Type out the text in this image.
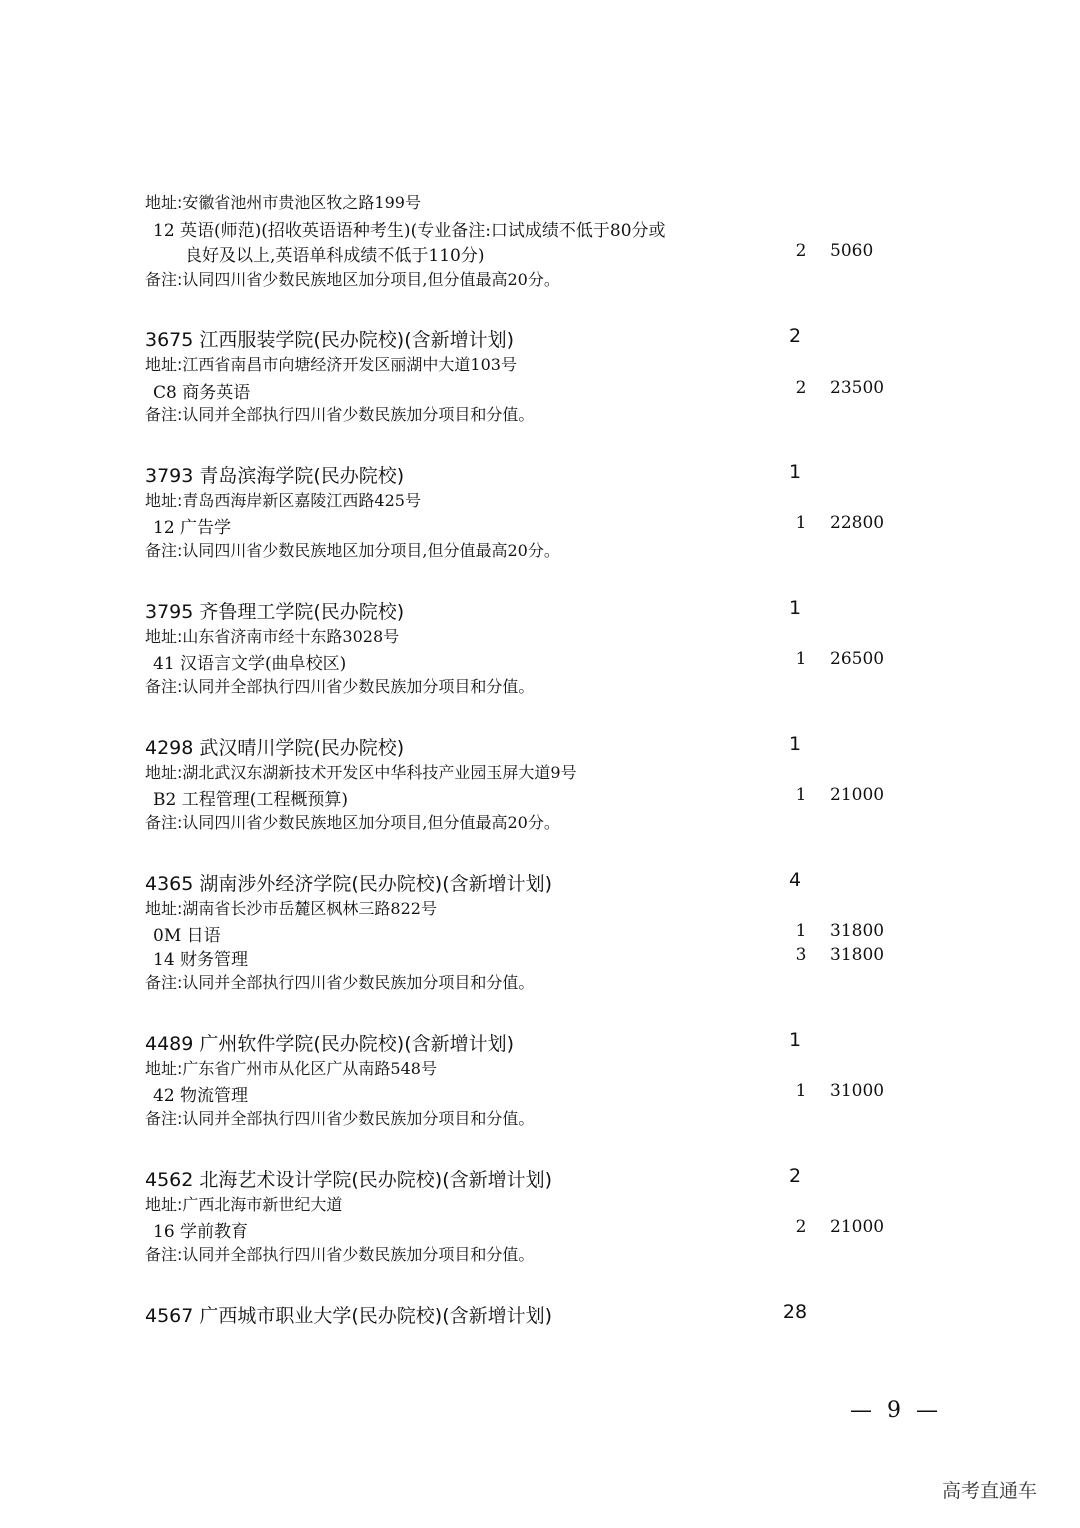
地址:安徽省池州市贵池区牧之路199号
12 英语(师范)(招收英语语种考生)(专业备注:口试成绩不低于80分或
良好及以上,英语单科成绩不低于110分)	2	5060
备注:认同四川省少数民族地区加分项目,但分值最高20分。
3675 江西服装学院(民办院校)(含新增计划)	2
地址:江西省南昌市向塘经济开发区丽湖中大道103号
C8 商务英语	2	23500
备注:认同并全部执行四川省少数民族加分项目和分值。
3793 青岛滨海学院(民办院校)	1
地址:青岛西海岸新区嘉陵江西路425号
12 广告学	1	22800
备注:认同四川省少数民族地区加分项目,但分值最高20分。
3795 齐鲁理工学院(民办院校)	1
地址:山东省济南市经十东路3028号
41 汉语言文学(曲阜校区)	1	26500
备注:认同并全部执行四川省少数民族加分项目和分值。
4298 武汉晴川学院(民办院校)	1
地址:湖北武汉东湖新技术开发区中华科技产业园玉屏大道9号
B2 工程管理(工程概预算)	1	21000
备注:认同四川省少数民族地区加分项目,但分值最高20分。
4365 湖南涉外经济学院(民办院校)(含新增计划)	4
地址:湖南省长沙市岳麓区枫林三路822号
0M 日语	1	31800
14 财务管理	3	31800
备注:认同并全部执行四川省少数民族加分项目和分值。
4489 广州软件学院(民办院校)(含新增计划)	1
地址:广东省广州市从化区广从南路548号
42 物流管理	1	31000
备注:认同并全部执行四川省少数民族加分项目和分值。
4562 北海艺术设计学院(民办院校)(含新增计划)	2
地址:广西北海市新世纪大道
16 学前教育	2	21000
备注:认同并全部执行四川省少数民族加分项目和分值。
4567 广西城市职业大学(民办院校)(含新增计划)	28
— 9 —
高考直通车
